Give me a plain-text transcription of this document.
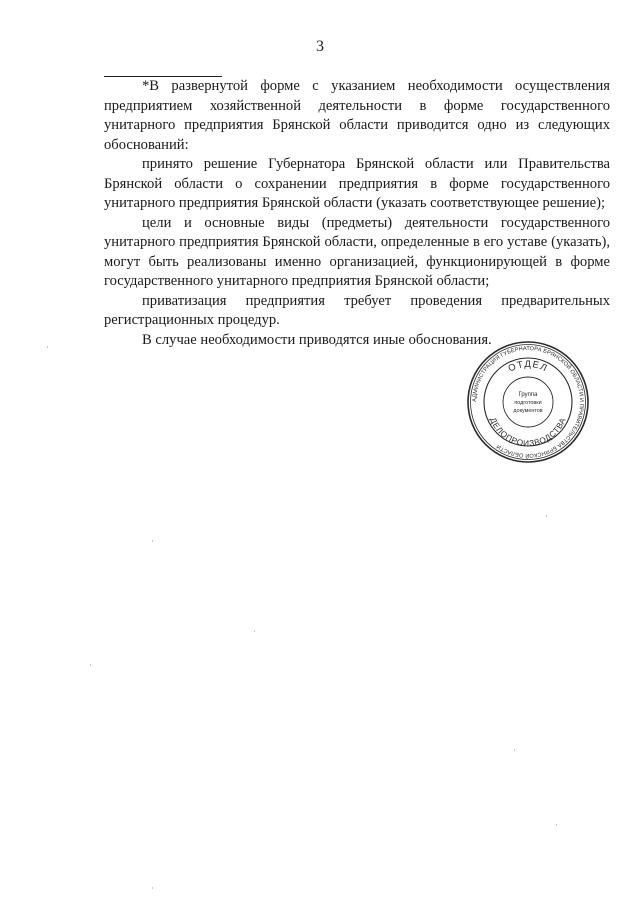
3

*В развернутой форме с указанием необходимости осуществления предприятием хозяйственной деятельности в форме государственного унитарного предприятия Брянской области приводится одно из следующих обоснований:

принято решение Губернатора Брянской области или Правительства Брянской области о сохранении предприятия в форме государственного унитарного предприятия Брянской области (указать соответствующее решение);

цели и основные виды (предметы) деятельности государственного унитарного предприятия Брянской области, определенные в его уставе (указать), могут быть реализованы именно организацией, функционирующей в форме государственного унитарного предприятия Брянской области;

приватизация предприятия требует проведения предварительных регистрационных процедур.

В случае необходимости приводятся иные обоснования.

АДМИНИСТРАЦИЯ ГУБЕРНАТОРА БРЯНСКОЙ ОБЛАСТИ И ПРАВИТЕЛЬСТВА БРЯНСКОЙ ОБЛАСТИ
ОТДЕЛ
ДЕЛОПРОИЗВОДСТВА
Группа
подготовки
документов
